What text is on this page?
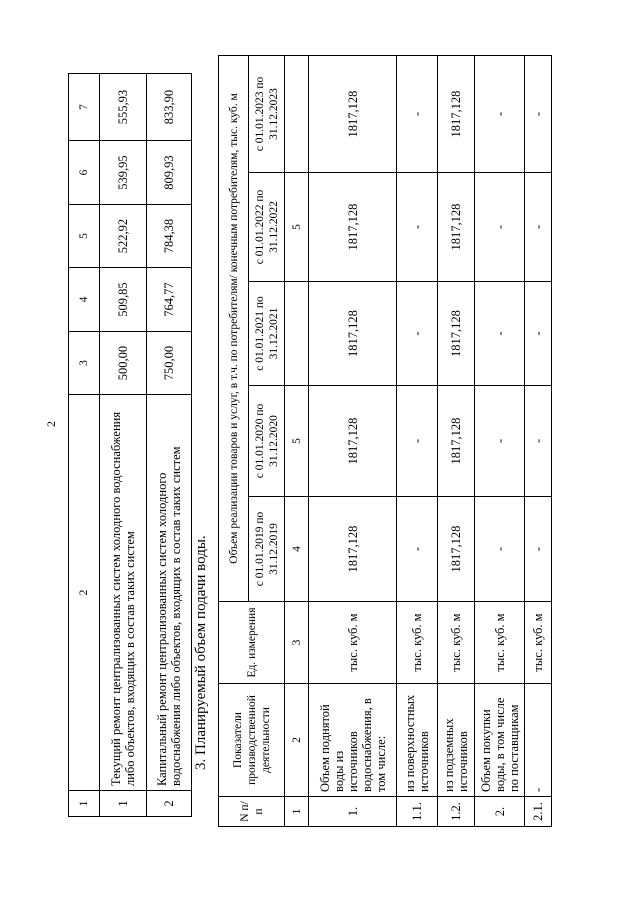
2
1	2	3	4	5	6	7
1	Текущий ремонт централизованных систем холодного водоснабжения либо объектов, входящих в состав таких систем	500,00	509,85	522,92	539,95	555,93
2	Капитальный ремонт централизованных систем холодного водоснабжения либо объектов, входящих в состав таких систем	750,00	764,77	784,38	809,93	833,90
3. Планируемый объем подачи воды.
N п/п	Показатели производственной деятельности	Ед. измерения	Объем реализации товаров и услуг, в т.ч. по потребителям/ конечным потребителям, тыс. куб. м				
			с 01.01.2019 по 31.12.2019	с 01.01.2020 по 31.12.2020	с 01.01.2021 по 31.12.2021	с 01.01.2022 по 31.12.2022	с 01.01.2023 по 31.12.2023
1	2	3	4	5		5	
1.	Объем поднятой воды из источников водоснабжения, в том числе:	тыс. куб. м	1817,128	1817,128	1817,128	1817,128	1817,128
1.1.	из поверхностных источников	тыс. куб. м	-	-	-	-	-
1.2.	из подземных источников	тыс. куб. м	1817,128	1817,128	1817,128	1817,128	1817,128
2.	Объем покупки воды, в том числе по поставщикам	тыс. куб. м	-	-	-	-	-
2.1.	-	тыс. куб. м	-	-	-	-	-
